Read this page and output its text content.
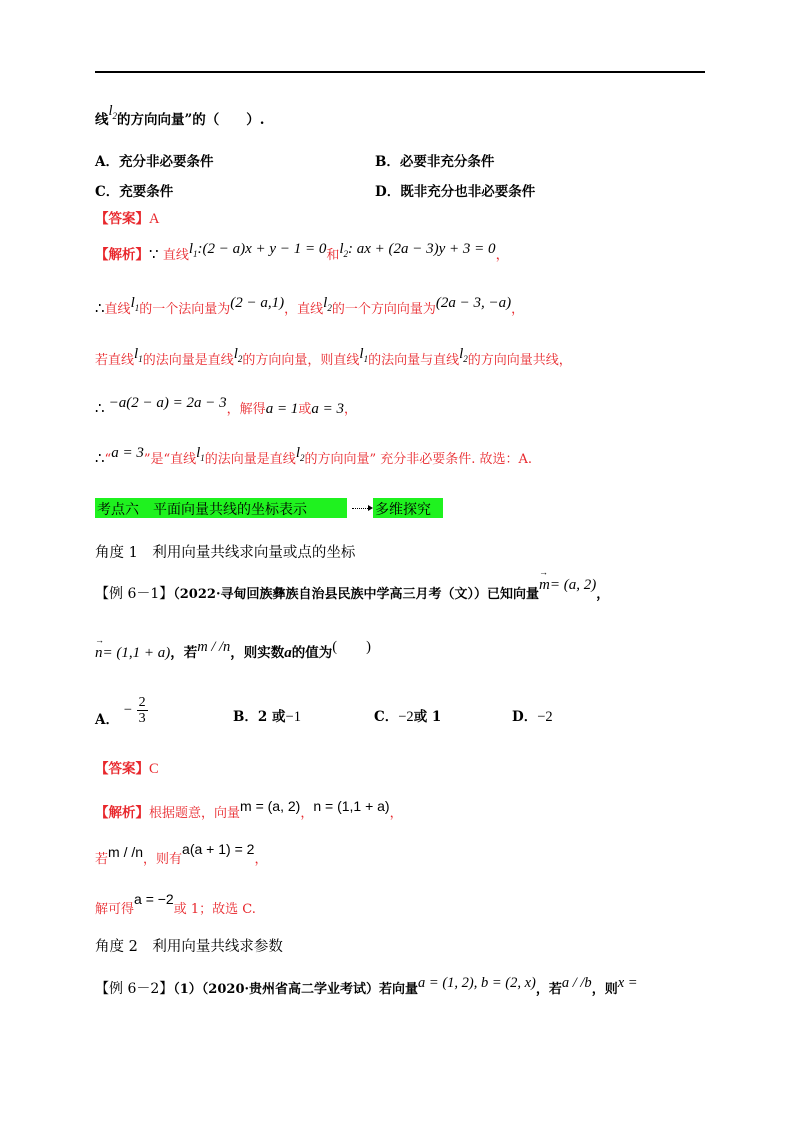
线$l_2$的方向向量”的（　　）.
A．充分非必要条件	B．必要非充分条件
C．充要条件	D．既非充分也非必要条件
【答案】A
【解析】∵ 直线$l_1:(2 - a)x + y - 1 = 0$和$l_2$: ax + (2a − 3)y + 3 = 0，
∴直线$l_1$的一个法向量为(2 − a,1)，直线$l_2$的一个方向向量为(2a − 3, −a)，
若直线$l_1$的法向量是直线$l_2$的方向向量，则直线$l_1$的法向量与直线$l_2$的方向向量共线，
∴ −a(2 − a) = 2a − 3，解得a = 1或a = 3，
∴“a = 3”是“直线$l_1$的法向量是直线$l_2$的方向向量” 充分非必要条件. 故选：A.
考点六　平面向量共线的坐标表示	多维探究
角度 1　利用向量共线求向量或点的坐标
【例 6－1】（2022·寻甸回族彝族自治县民族中学高三月考（文））已知向量→ m= (a, 2)，
→ n= (1,1 + a)，若m / /n，则实数a的值为(　　)
A． − $\frac{2}{3}$	B．2 或−1	C．−2或 1	D．−2
【答案】C
【解析】根据题意，向量m = (a, 2)，n = (1,1 + a)，
若m / /n，则有a(a + 1) = 2，
解可得a = −2或 1；故选 C.
角度 2　利用向量共线求参数
【例 6－2】（1）（2020·贵州省高二学业考试）若向量a = (1, 2), b = (2, x)，若a / /b，则x =
